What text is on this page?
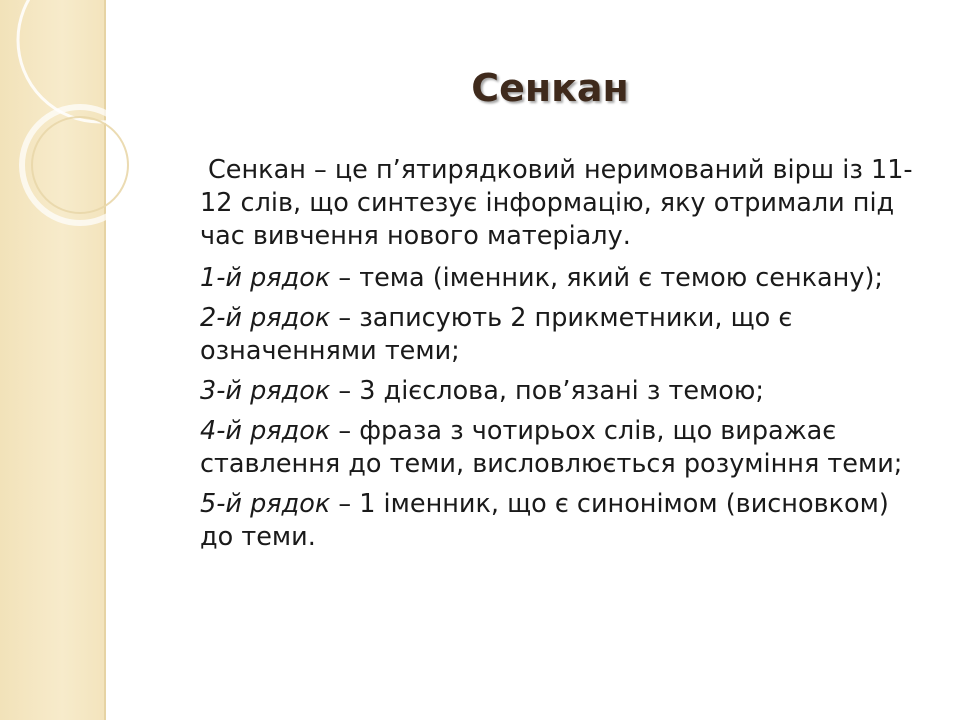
Сенкан

Сенкан – це п’ятирядковий неримований вірш із 11-12 слів, що синтезує інформацію, яку отримали під час вивчення нового матеріалу.

1-й рядок – тема (іменник, який є темою сенкану);

2-й рядок – записують 2 прикметники, що є означеннями теми;

3-й рядок – 3 дієслова, пов’язані з темою;

4-й рядок – фраза з чотирьох слів, що виражає ставлення до теми, висловлюється розуміння теми;

5-й рядок – 1 іменник, що є синонімом (висновком) до теми.
